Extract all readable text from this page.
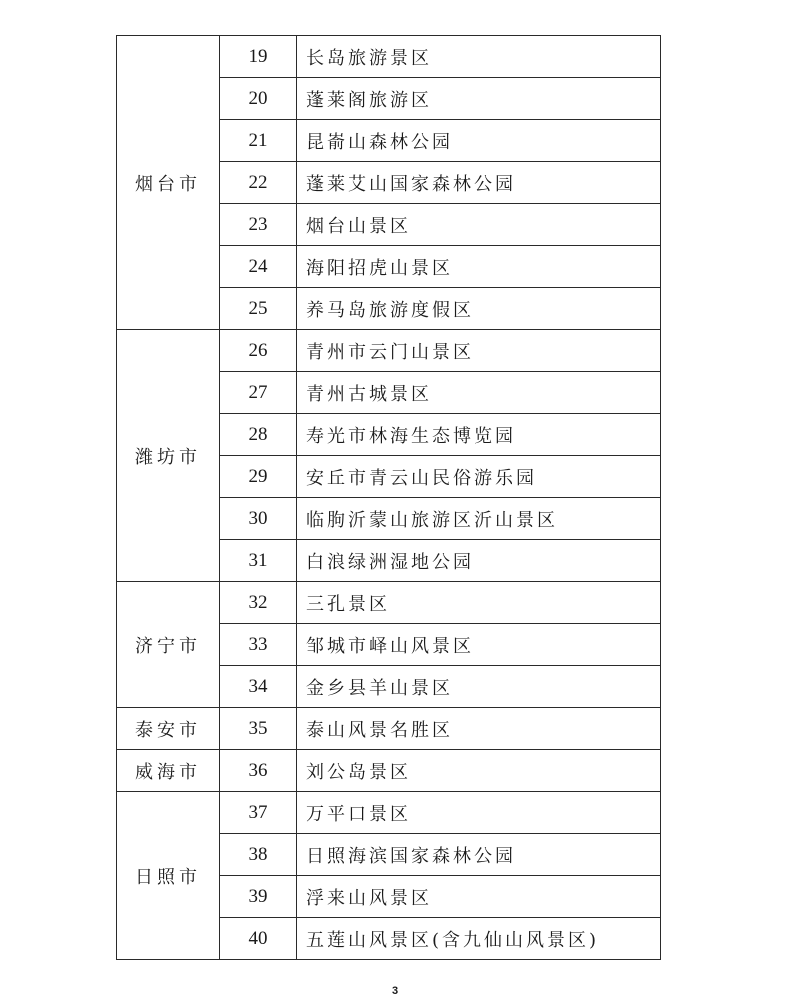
烟台市	19	长岛旅游景区
	20	蓬莱阁旅游区
	21	昆嵛山森林公园
	22	蓬莱艾山国家森林公园
	23	烟台山景区
	24	海阳招虎山景区
	25	养马岛旅游度假区
潍坊市	26	青州市云门山景区
	27	青州古城景区
	28	寿光市林海生态博览园
	29	安丘市青云山民俗游乐园
	30	临朐沂蒙山旅游区沂山景区
	31	白浪绿洲湿地公园
济宁市	32	三孔景区
	33	邹城市峄山风景区
	34	金乡县羊山景区
泰安市	35	泰山风景名胜区
威海市	36	刘公岛景区
日照市	37	万平口景区
	38	日照海滨国家森林公园
	39	浮来山风景区
	40	五莲山风景区(含九仙山风景区)
3
